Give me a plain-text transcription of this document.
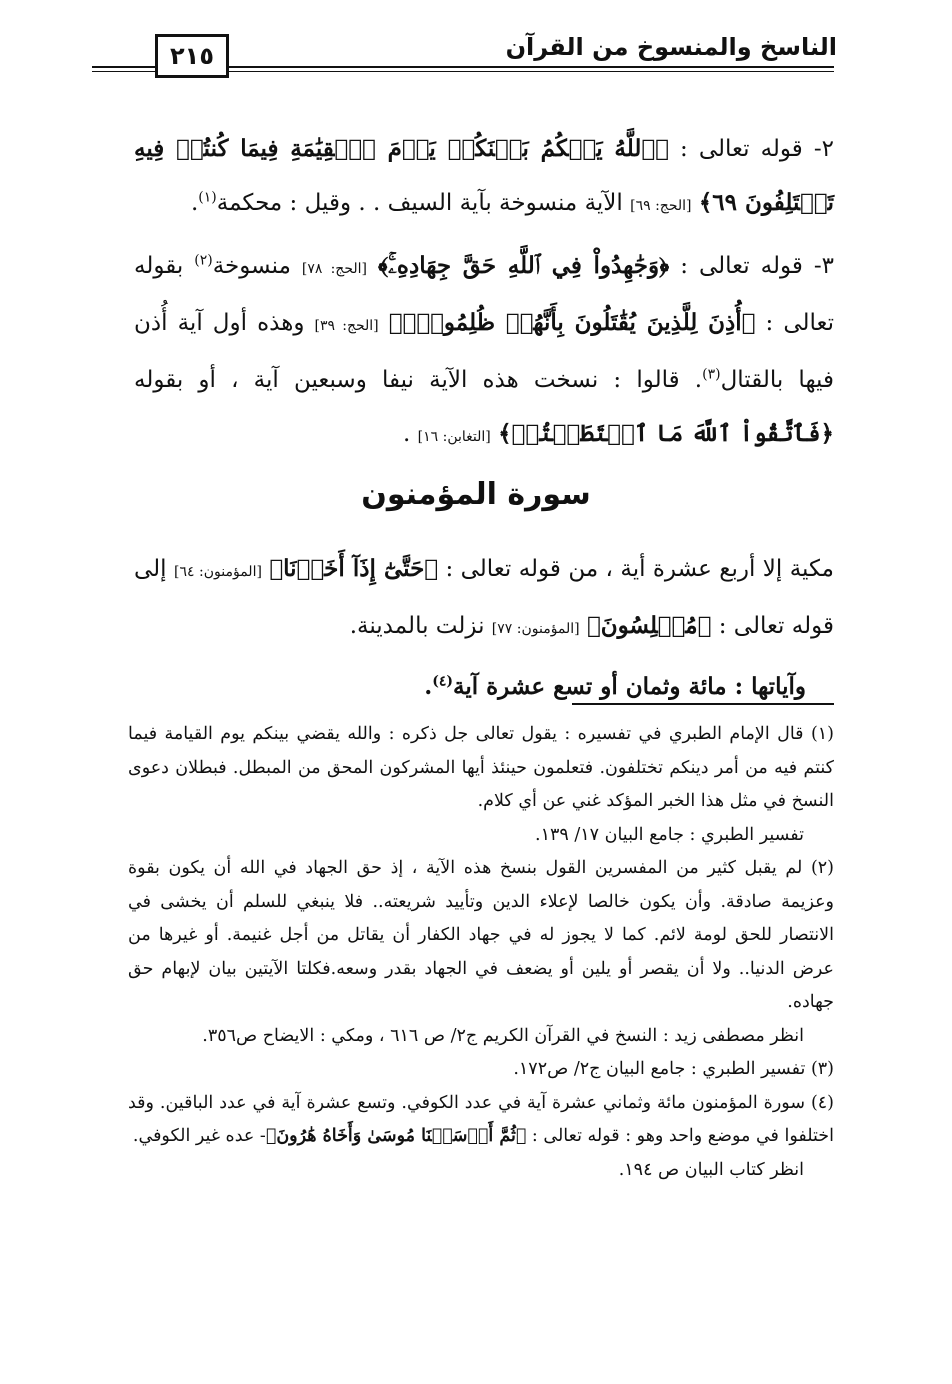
الناسخ والمنسوخ من القرآن
٢١٥

٢- قوله تعالى : ﴿ٱللَّهُ يَحۡكُمُ بَيۡنَكُمۡ يَوۡمَ ٱلۡقِيَٰمَةِ فِيمَا كُنتُمۡ فِيهِ تَخۡتَلِفُونَ ٦٩﴾ [الحج: ٦٩] الآية منسوخة بآية السيف . . وقيل : محكمة$^{(١)}$.

٣- قوله تعالى : ﴿وَجَٰهِدُواْ فِي ٱللَّهِ حَقَّ جِهَادِهِۦۚ﴾ [الحج: ٧٨] منسوخة$^{(٢)}$ بقوله تعالى : ﴿أُذِنَ لِلَّذِينَ يُقَٰتَلُونَ بِأَنَّهُمۡ ظُلِمُواْۚ﴾ [الحج: ٣٩] وهذه أول آية أُذن فيها بالقتال$^{(٣)}$. قالوا : نسخت هذه الآية نيفا وسبعين آية ، أو بقوله ﴿فَٱتَّقُواْ ٱللَّهَ مَا ٱسۡتَطَعۡتُمۡ﴾ [التغابن: ١٦] .

سورة المؤمنون

مكية إلا أربع عشرة أية ، من قوله تعالى : ﴿حَتَّىٰٓ إِذَآ أَخَذۡنَا﴾ [المؤمنون: ٦٤] إلى قوله تعالى : ﴿مُبۡلِسُونَ﴾ [المؤمنون: ٧٧] نزلت بالمدينة.

وآياتها : مائة وثمان أو تسع عشرة آية$^{(٤)}$.

(١) قال الإمام الطبري في تفسيره : يقول تعالى جل ذكره : والله يقضي بينكم يوم القيامة فيما كنتم فيه من أمر دينكم تختلفون. فتعلمون حينئذ أيها المشركون المحق من المبطل. فبطلان دعوى النسخ في مثل هذا الخبر المؤكد غني عن أي كلام.
تفسير الطبري : جامع البيان ١٧/ ١٣٩.

(٢) لم يقبل كثير من المفسرين القول بنسخ هذه الآية ، إذ حق الجهاد في الله أن يكون بقوة وعزيمة صادقة. وأن يكون خالصا لإعلاء الدين وتأييد شريعته.. فلا ينبغي للسلم أن يخشى في الانتصار للحق لومة لائم. كما لا يجوز له في جهاد الكفار أن يقاتل من أجل غنيمة. أو غيرها من عرض الدنيا.. ولا أن يقصر أو يلين أو يضعف في الجهاد بقدر وسعه.فكلتا الآيتين بيان لإبهام حق جهاده.
انظر مصطفى زيد : النسخ في القرآن الكريم ج٢/ ص ٦١٦ ، ومكي : الايضاح ص٣٥٦.

(٣) تفسير الطبري : جامع البيان ج٢/ ص١٧٢.

(٤) سورة المؤمنون مائة وثماني عشرة آية في عدد الكوفي. وتسع عشرة آية في عدد الباقين. وقد اختلفوا في موضع واحد وهو : قوله تعالى : ﴿ثُمَّ أَرۡسَلۡنَا مُوسَىٰ وَأَخَاهُ هَٰرُونَ﴾- عده غير الكوفي.
انظر كتاب البيان ص ١٩٤.
